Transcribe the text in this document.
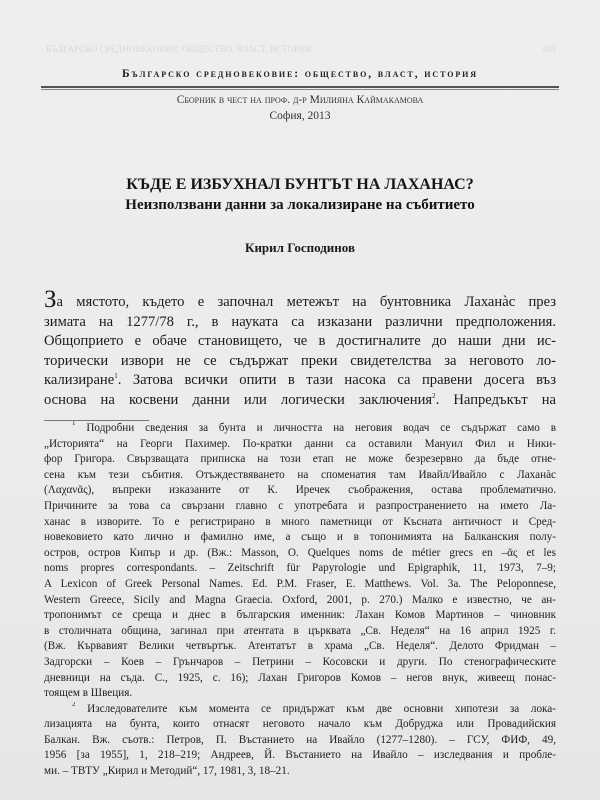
БЪЛГАРСКО СРЕДНОВЕКОВИЕ: ОБЩЕСТВО, ВЛАСТ, ИСТОРИЯ	403
Българско средновековие: общество, власт, история
Сборник в чест на проф. д-р Милияна Каймакамова
София, 2013
КЪДЕ Е ИЗБУХНАЛ БУНТЪТ НА ЛАХАНАС?
Неизползвани данни за локализиране на събитието
Кирил Господинов
За мястото, където е започнал метежът на бунтовника Лаханàс през
зимата на 1277/78 г., в науката са изказани различни предположения.
Общоприето е обаче становището, че в достигналите до наши дни ис-
торически извори не се съдържат преки свидетелства за неговото ло-
кализиране$^1$. Затова всички опити в тази насока са правени досега въз
основа на косвени данни или логически заключения$^2$. Напредъкът на
$^1$ Подробни сведения за бунта и личността на неговия водач се съдържат само в
„Историята“ на Георги Пахимер. По-кратки данни са оставили Мануил Фил и Ники-
фор Григора. Свързващата приписка на този етап не може безрезервно да бъде отне-
сена към тези събития. Отъждествяването на споменатия там Ивайл/Ивайло с Лаханàс
(Λαχανᾶς), въпреки изказаните от К. Иречек съображения, остава проблематично.
Причините за това са свързани главно с употребата и разпространението на името Ла-
ханас в изворите. То е регистрирано в много паметници от Късната античност и Сред-
новековието като лично и фамилно име, а също и в топонимията на Балканския полу-
остров, остров Кипър и др. (Вж.: Masson, O. Quelques noms de métier grecs en –ᾶς et les
noms propres correspondants. – Zeitschrift für Papyrologie und Epigraphik, 11, 1973, 7–9;
A Lexicon of Greek Personal Names. Ed. P.M. Fraser, E. Matthews. Vol. 3a. The Peloponnese,
Western Greece, Sicily and Magna Graecia. Oxford, 2001, p. 270.) Малко е известно, че ан-
тропонимът се среща и днес в българския именник: Лахан Комов Мартинов – чиновник
в столичната община, загинал при атентата в църквата „Св. Неделя“ на 16 април 1925 г.
(Вж. Кървавият Велики четвъртък. Атентатът в храма „Св. Неделя“. Делото Фридман –
Задгорски – Коев – Грънчаров – Петрини – Косовски и други. По стенографическите
дневници на съда. С., 1925, с. 16); Лахан Григоров Комов – негов внук, живеещ понас-
тоящем в Швеция.
$^2$ Изследователите към момента се придържат към две основни хипотези за лока-
лизацията на бунта, които отнасят неговото начало към Добруджа или Провадийския
Балкан. Вж. съотв.: Петров, П. Въстанието на Ивайло (1277–1280). – ГСУ, ФИФ, 49,
1956 [за 1955], 1, 218–219; Андреев, Й. Въстанието на Ивайло – изследвания и пробле-
ми. – ТВТУ „Кирил и Методий“, 17, 1981, 3, 18–21.
